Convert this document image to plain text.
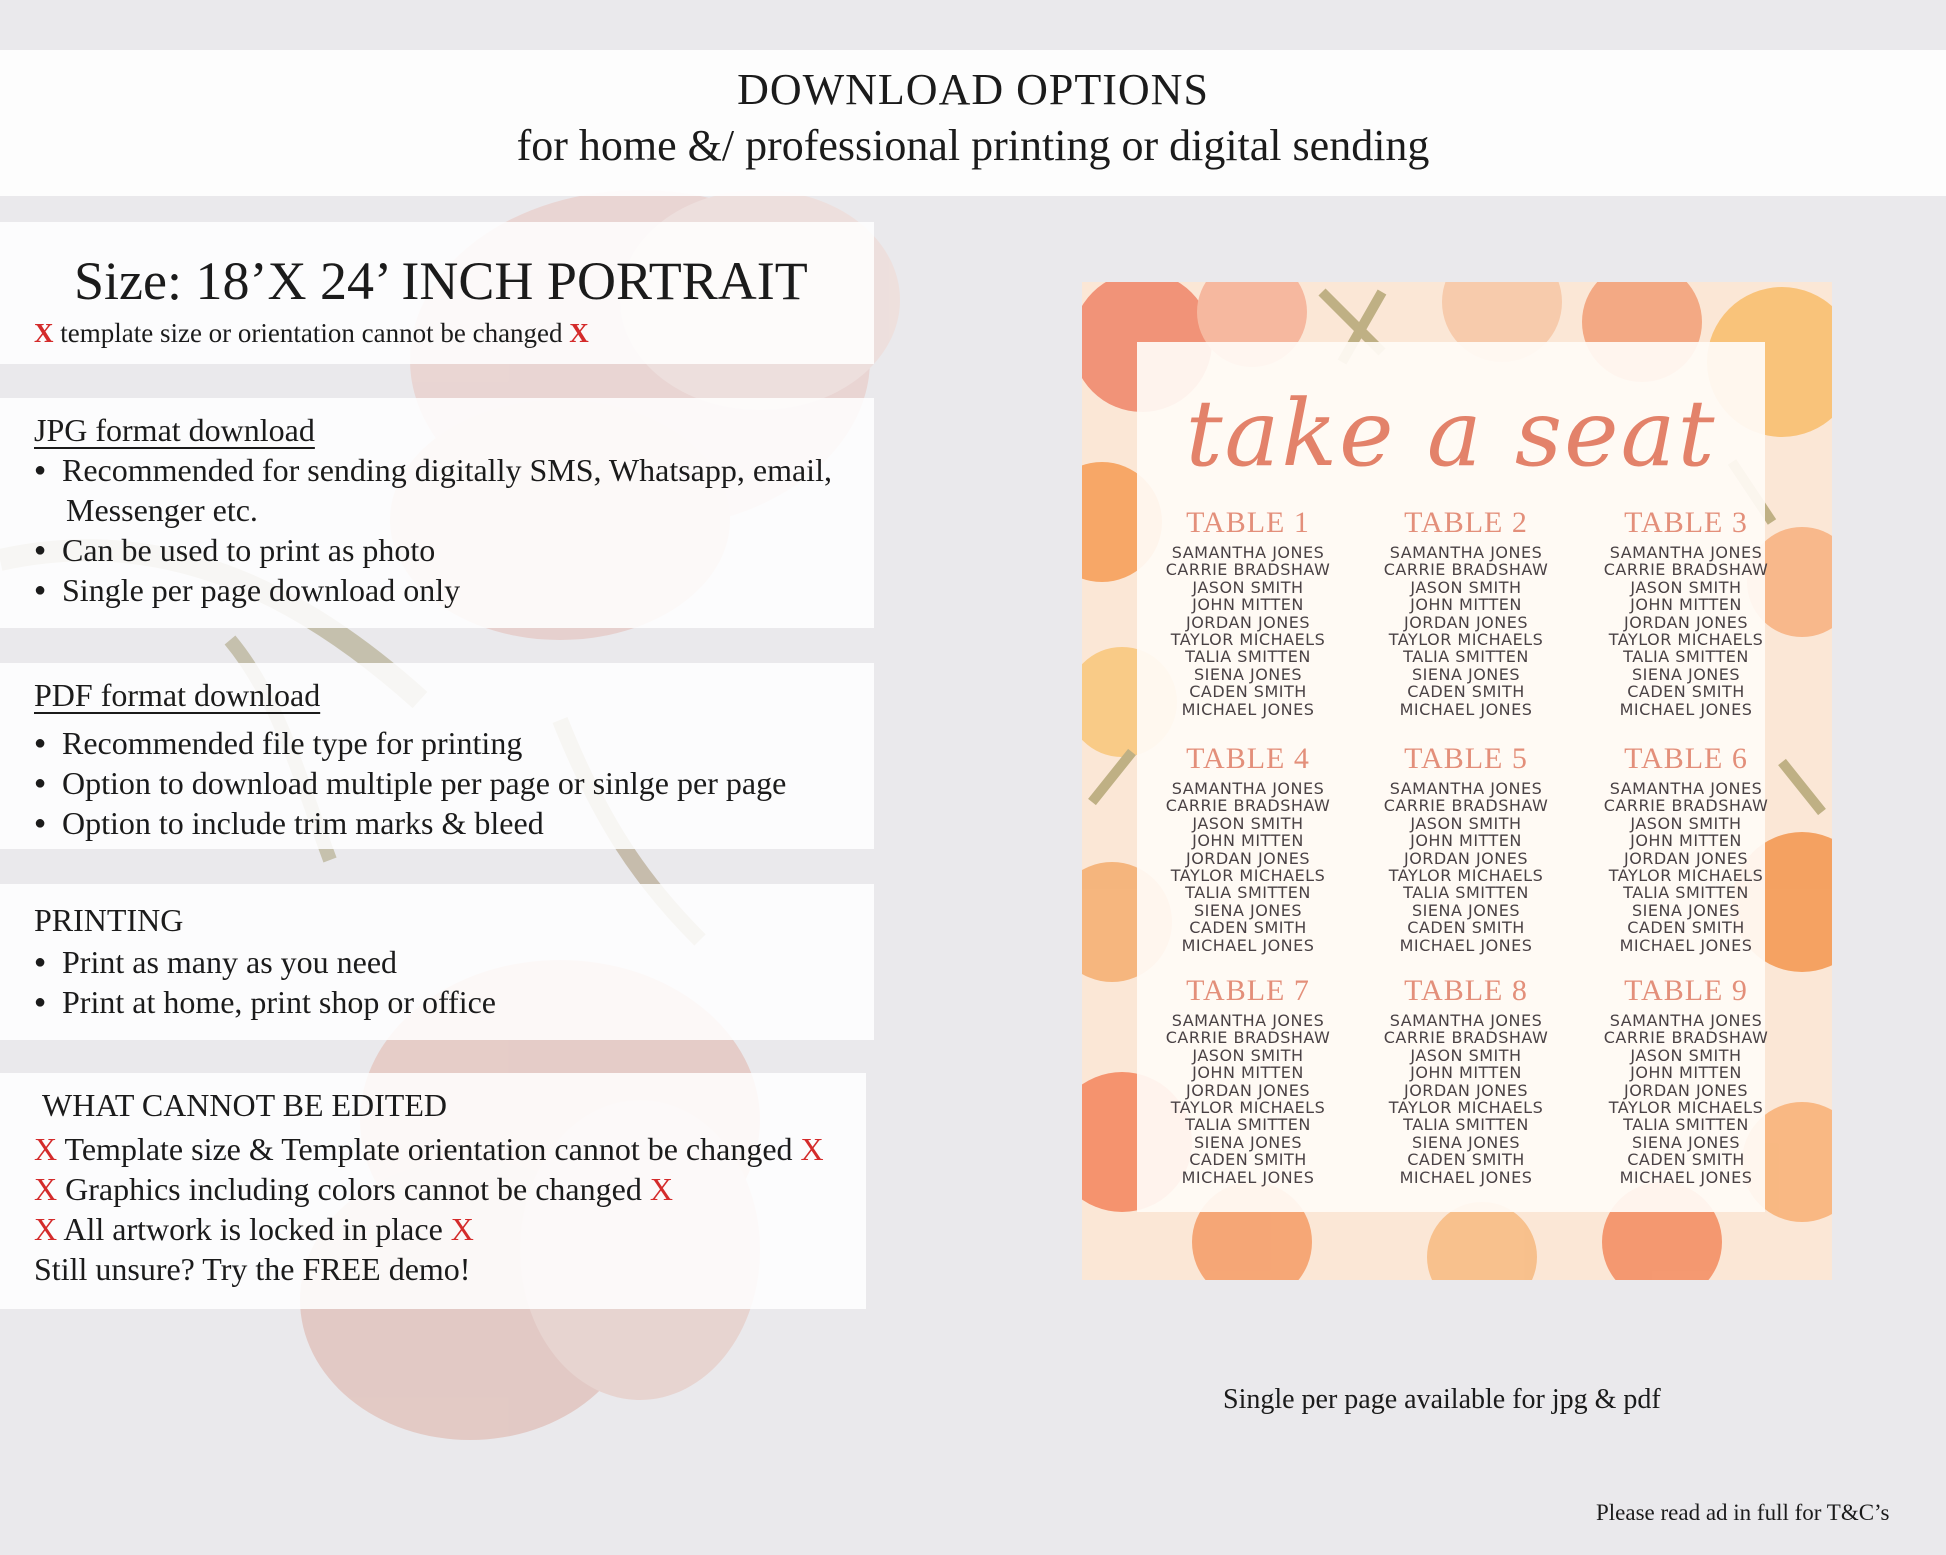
DOWNLOAD OPTIONS
for home &/ professional printing or digital sending
Size: 18’X 24’ INCH PORTRAIT
X template size or orientation cannot be changed X
JPG format download
● Recommended for sending digitally SMS, Whatsapp, email,
Messenger etc.
● Can be used to print as photo
● Single per page download only
PDF format download
● Recommended file type for printing
● Option to download multiple per page or sinlge per page
● Option to include trim marks & bleed
PRINTING
● Print as many as you need
● Print at home, print shop or office
WHAT CANNOT BE EDITED
X Template size & Template orientation cannot be changed X
X Graphics including colors cannot be changed X
X All artwork is locked in place X
Still unsure? Try the FREE demo!
take a seat
TABLE 1
SAMANTHA JONES
CARRIE BRADSHAW
JASON SMITH
JOHN MITTEN
JORDAN JONES
TAYLOR MICHAELS
TALIA SMITTEN
SIENA JONES
CADEN SMITH
MICHAEL JONES
TABLE 2
SAMANTHA JONES
CARRIE BRADSHAW
JASON SMITH
JOHN MITTEN
JORDAN JONES
TAYLOR MICHAELS
TALIA SMITTEN
SIENA JONES
CADEN SMITH
MICHAEL JONES
TABLE 3
SAMANTHA JONES
CARRIE BRADSHAW
JASON SMITH
JOHN MITTEN
JORDAN JONES
TAYLOR MICHAELS
TALIA SMITTEN
SIENA JONES
CADEN SMITH
MICHAEL JONES
TABLE 4
SAMANTHA JONES
CARRIE BRADSHAW
JASON SMITH
JOHN MITTEN
JORDAN JONES
TAYLOR MICHAELS
TALIA SMITTEN
SIENA JONES
CADEN SMITH
MICHAEL JONES
TABLE 5
SAMANTHA JONES
CARRIE BRADSHAW
JASON SMITH
JOHN MITTEN
JORDAN JONES
TAYLOR MICHAELS
TALIA SMITTEN
SIENA JONES
CADEN SMITH
MICHAEL JONES
TABLE 6
SAMANTHA JONES
CARRIE BRADSHAW
JASON SMITH
JOHN MITTEN
JORDAN JONES
TAYLOR MICHAELS
TALIA SMITTEN
SIENA JONES
CADEN SMITH
MICHAEL JONES
TABLE 7
SAMANTHA JONES
CARRIE BRADSHAW
JASON SMITH
JOHN MITTEN
JORDAN JONES
TAYLOR MICHAELS
TALIA SMITTEN
SIENA JONES
CADEN SMITH
MICHAEL JONES
TABLE 8
SAMANTHA JONES
CARRIE BRADSHAW
JASON SMITH
JOHN MITTEN
JORDAN JONES
TAYLOR MICHAELS
TALIA SMITTEN
SIENA JONES
CADEN SMITH
MICHAEL JONES
TABLE 9
SAMANTHA JONES
CARRIE BRADSHAW
JASON SMITH
JOHN MITTEN
JORDAN JONES
TAYLOR MICHAELS
TALIA SMITTEN
SIENA JONES
CADEN SMITH
MICHAEL JONES
Single per page available for jpg & pdf
Please read ad in full for T&C’s
